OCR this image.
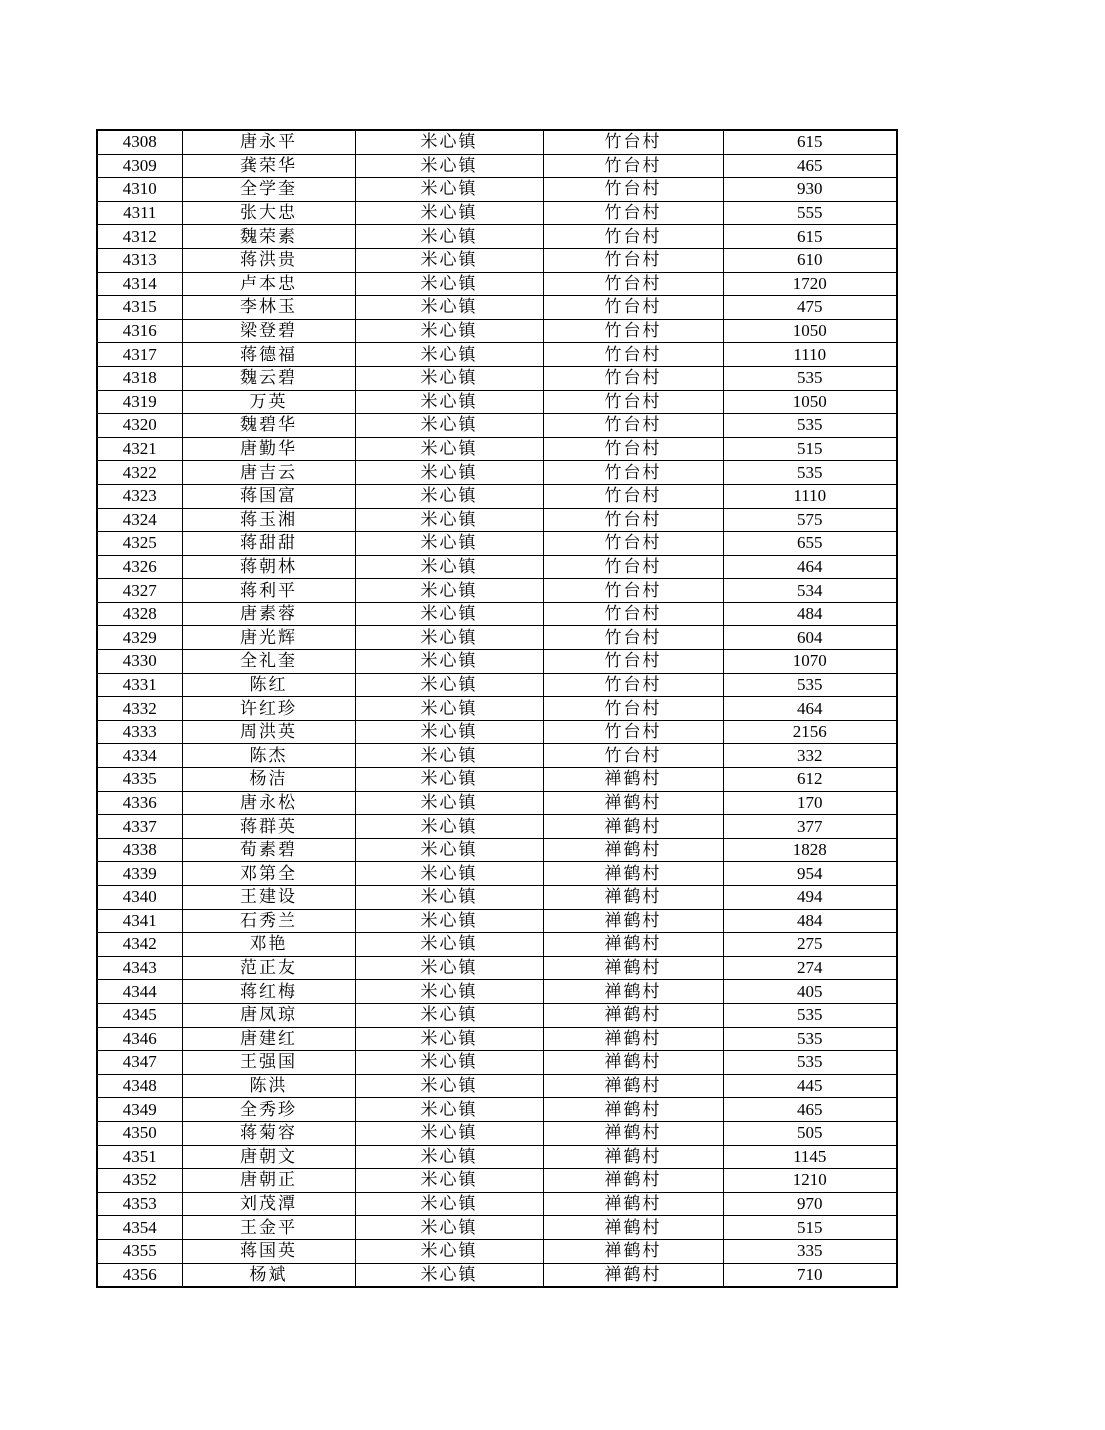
4308	唐永平	米心镇	竹台村	615
4309	龚荣华	米心镇	竹台村	465
4310	全学奎	米心镇	竹台村	930
4311	张大忠	米心镇	竹台村	555
4312	魏荣素	米心镇	竹台村	615
4313	蒋洪贵	米心镇	竹台村	610
4314	卢本忠	米心镇	竹台村	1720
4315	李林玉	米心镇	竹台村	475
4316	梁登碧	米心镇	竹台村	1050
4317	蒋德福	米心镇	竹台村	1110
4318	魏云碧	米心镇	竹台村	535
4319	万英	米心镇	竹台村	1050
4320	魏碧华	米心镇	竹台村	535
4321	唐勤华	米心镇	竹台村	515
4322	唐吉云	米心镇	竹台村	535
4323	蒋国富	米心镇	竹台村	1110
4324	蒋玉湘	米心镇	竹台村	575
4325	蒋甜甜	米心镇	竹台村	655
4326	蒋朝林	米心镇	竹台村	464
4327	蒋利平	米心镇	竹台村	534
4328	唐素蓉	米心镇	竹台村	484
4329	唐光辉	米心镇	竹台村	604
4330	全礼奎	米心镇	竹台村	1070
4331	陈红	米心镇	竹台村	535
4332	许红珍	米心镇	竹台村	464
4333	周洪英	米心镇	竹台村	2156
4334	陈杰	米心镇	竹台村	332
4335	杨洁	米心镇	禅鹤村	612
4336	唐永松	米心镇	禅鹤村	170
4337	蒋群英	米心镇	禅鹤村	377
4338	荀素碧	米心镇	禅鹤村	1828
4339	邓第全	米心镇	禅鹤村	954
4340	王建设	米心镇	禅鹤村	494
4341	石秀兰	米心镇	禅鹤村	484
4342	邓艳	米心镇	禅鹤村	275
4343	范正友	米心镇	禅鹤村	274
4344	蒋红梅	米心镇	禅鹤村	405
4345	唐凤琼	米心镇	禅鹤村	535
4346	唐建红	米心镇	禅鹤村	535
4347	王强国	米心镇	禅鹤村	535
4348	陈洪	米心镇	禅鹤村	445
4349	全秀珍	米心镇	禅鹤村	465
4350	蒋菊容	米心镇	禅鹤村	505
4351	唐朝文	米心镇	禅鹤村	1145
4352	唐朝正	米心镇	禅鹤村	1210
4353	刘茂潭	米心镇	禅鹤村	970
4354	王金平	米心镇	禅鹤村	515
4355	蒋国英	米心镇	禅鹤村	335
4356	杨斌	米心镇	禅鹤村	710
